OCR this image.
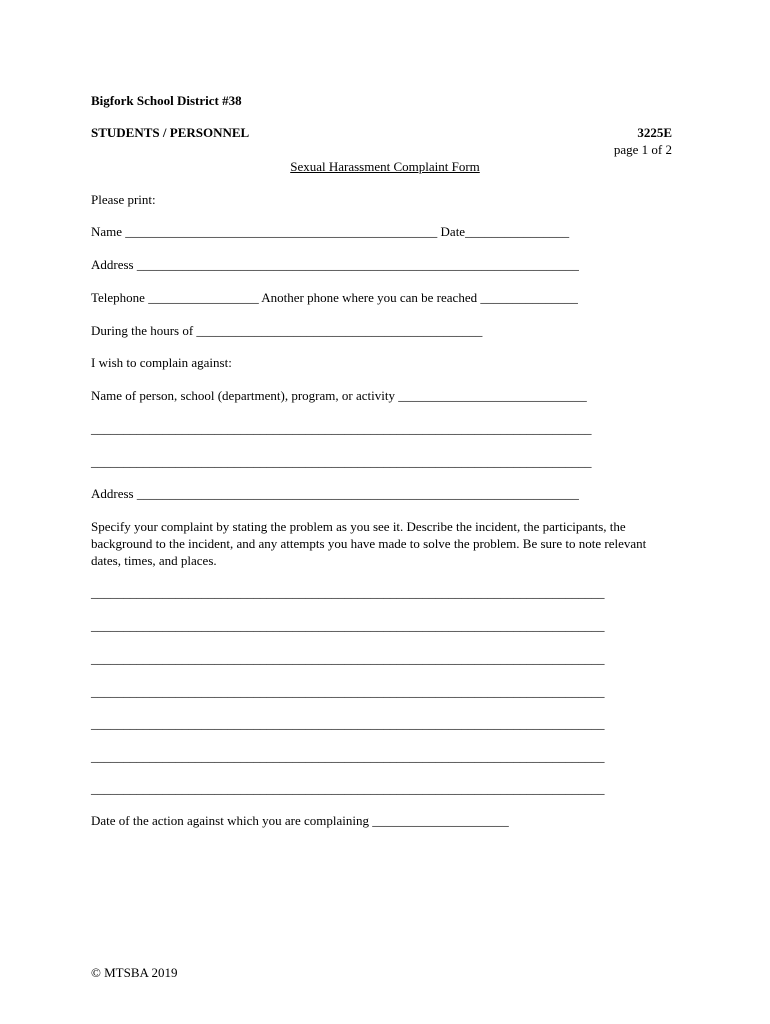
Bigfork School District #38
STUDENTS / PERSONNEL	3225E
page 1 of 2
Sexual Harassment Complaint Form
Please print:
Name ________________________________________________ Date________________
Address ____________________________________________________________________
Telephone _________________ Another phone where you can be reached _______________
During the hours of ____________________________________________
I wish to complain against:
Name of person, school (department), program, or activity _____________________________
_____________________________________________________________________________
_____________________________________________________________________________
Address ____________________________________________________________________
Specify your complaint by stating the problem as you see it. Describe the incident, the participants, the background to the incident, and any attempts you have made to solve the problem. Be sure to note relevant dates, times, and places.
_______________________________________________________________________________
_______________________________________________________________________________
_______________________________________________________________________________
_______________________________________________________________________________
_______________________________________________________________________________
_______________________________________________________________________________
_______________________________________________________________________________
Date of the action against which you are complaining _____________________
© MTSBA 2019
